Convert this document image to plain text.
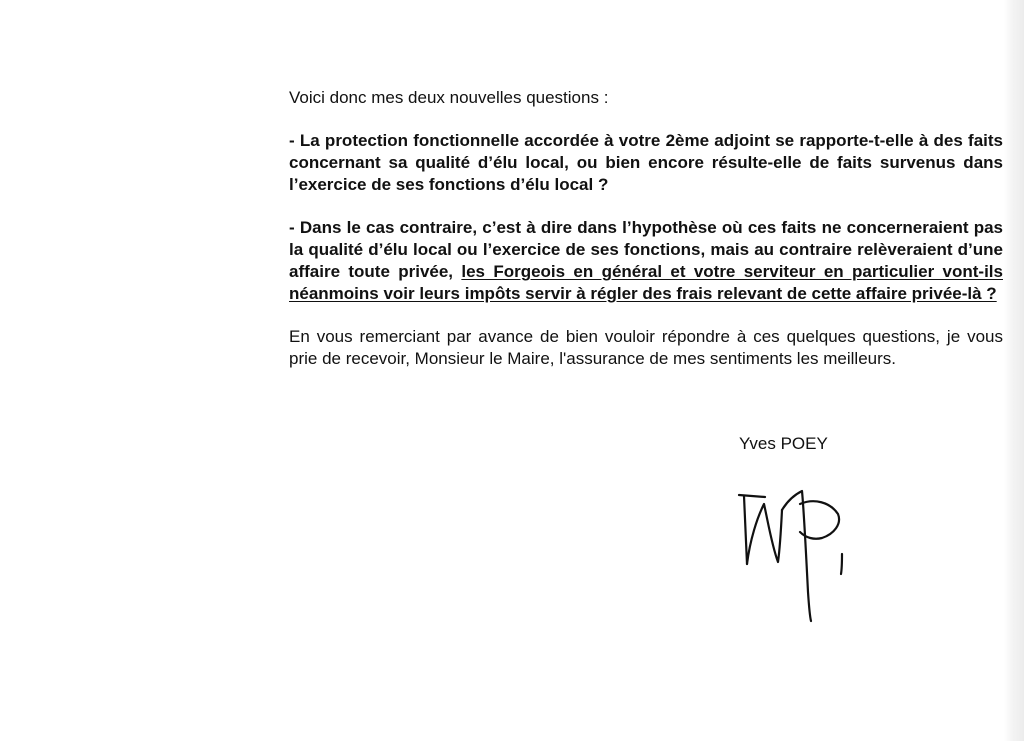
Voici donc mes deux nouvelles questions :

- La protection fonctionnelle accordée à votre 2ème adjoint se rapporte-t-elle à des faits concernant sa qualité d’élu local, ou bien encore résulte-elle de faits survenus dans l’exercice de ses fonctions d’élu local ?

- Dans le cas contraire, c’est à dire dans l’hypothèse où ces faits ne concerneraient pas la qualité d’élu local ou l’exercice de ses fonctions, mais au contraire relèveraient d’une affaire toute privée, les Forgeois en général et votre serviteur en particulier vont-ils néanmoins voir leurs impôts servir à régler des frais relevant de cette affaire privée-là ?

En vous remerciant par avance de bien vouloir répondre à ces quelques questions, je vous prie de recevoir, Monsieur le Maire, l'assurance de mes sentiments les meilleurs.

Yves POEY
